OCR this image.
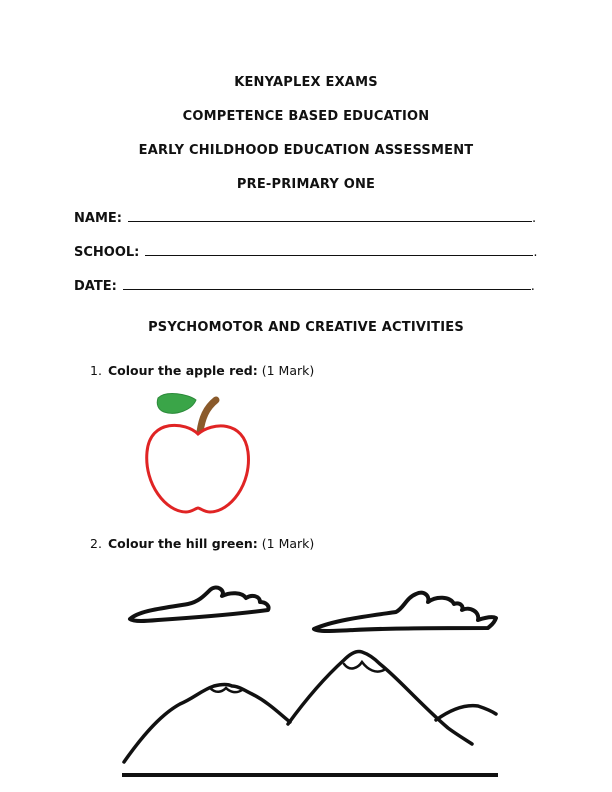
KENYAPLEX EXAMS
COMPETENCE BASED EDUCATION
EARLY CHILDHOOD EDUCATION ASSESSMENT
PRE-PRIMARY ONE
NAME:	.
SCHOOL:	.
DATE:	.
PSYCHOMOTOR AND CREATIVE ACTIVITIES
1. Colour the apple red: (1 Mark)
2. Colour the hill green: (1 Mark)
